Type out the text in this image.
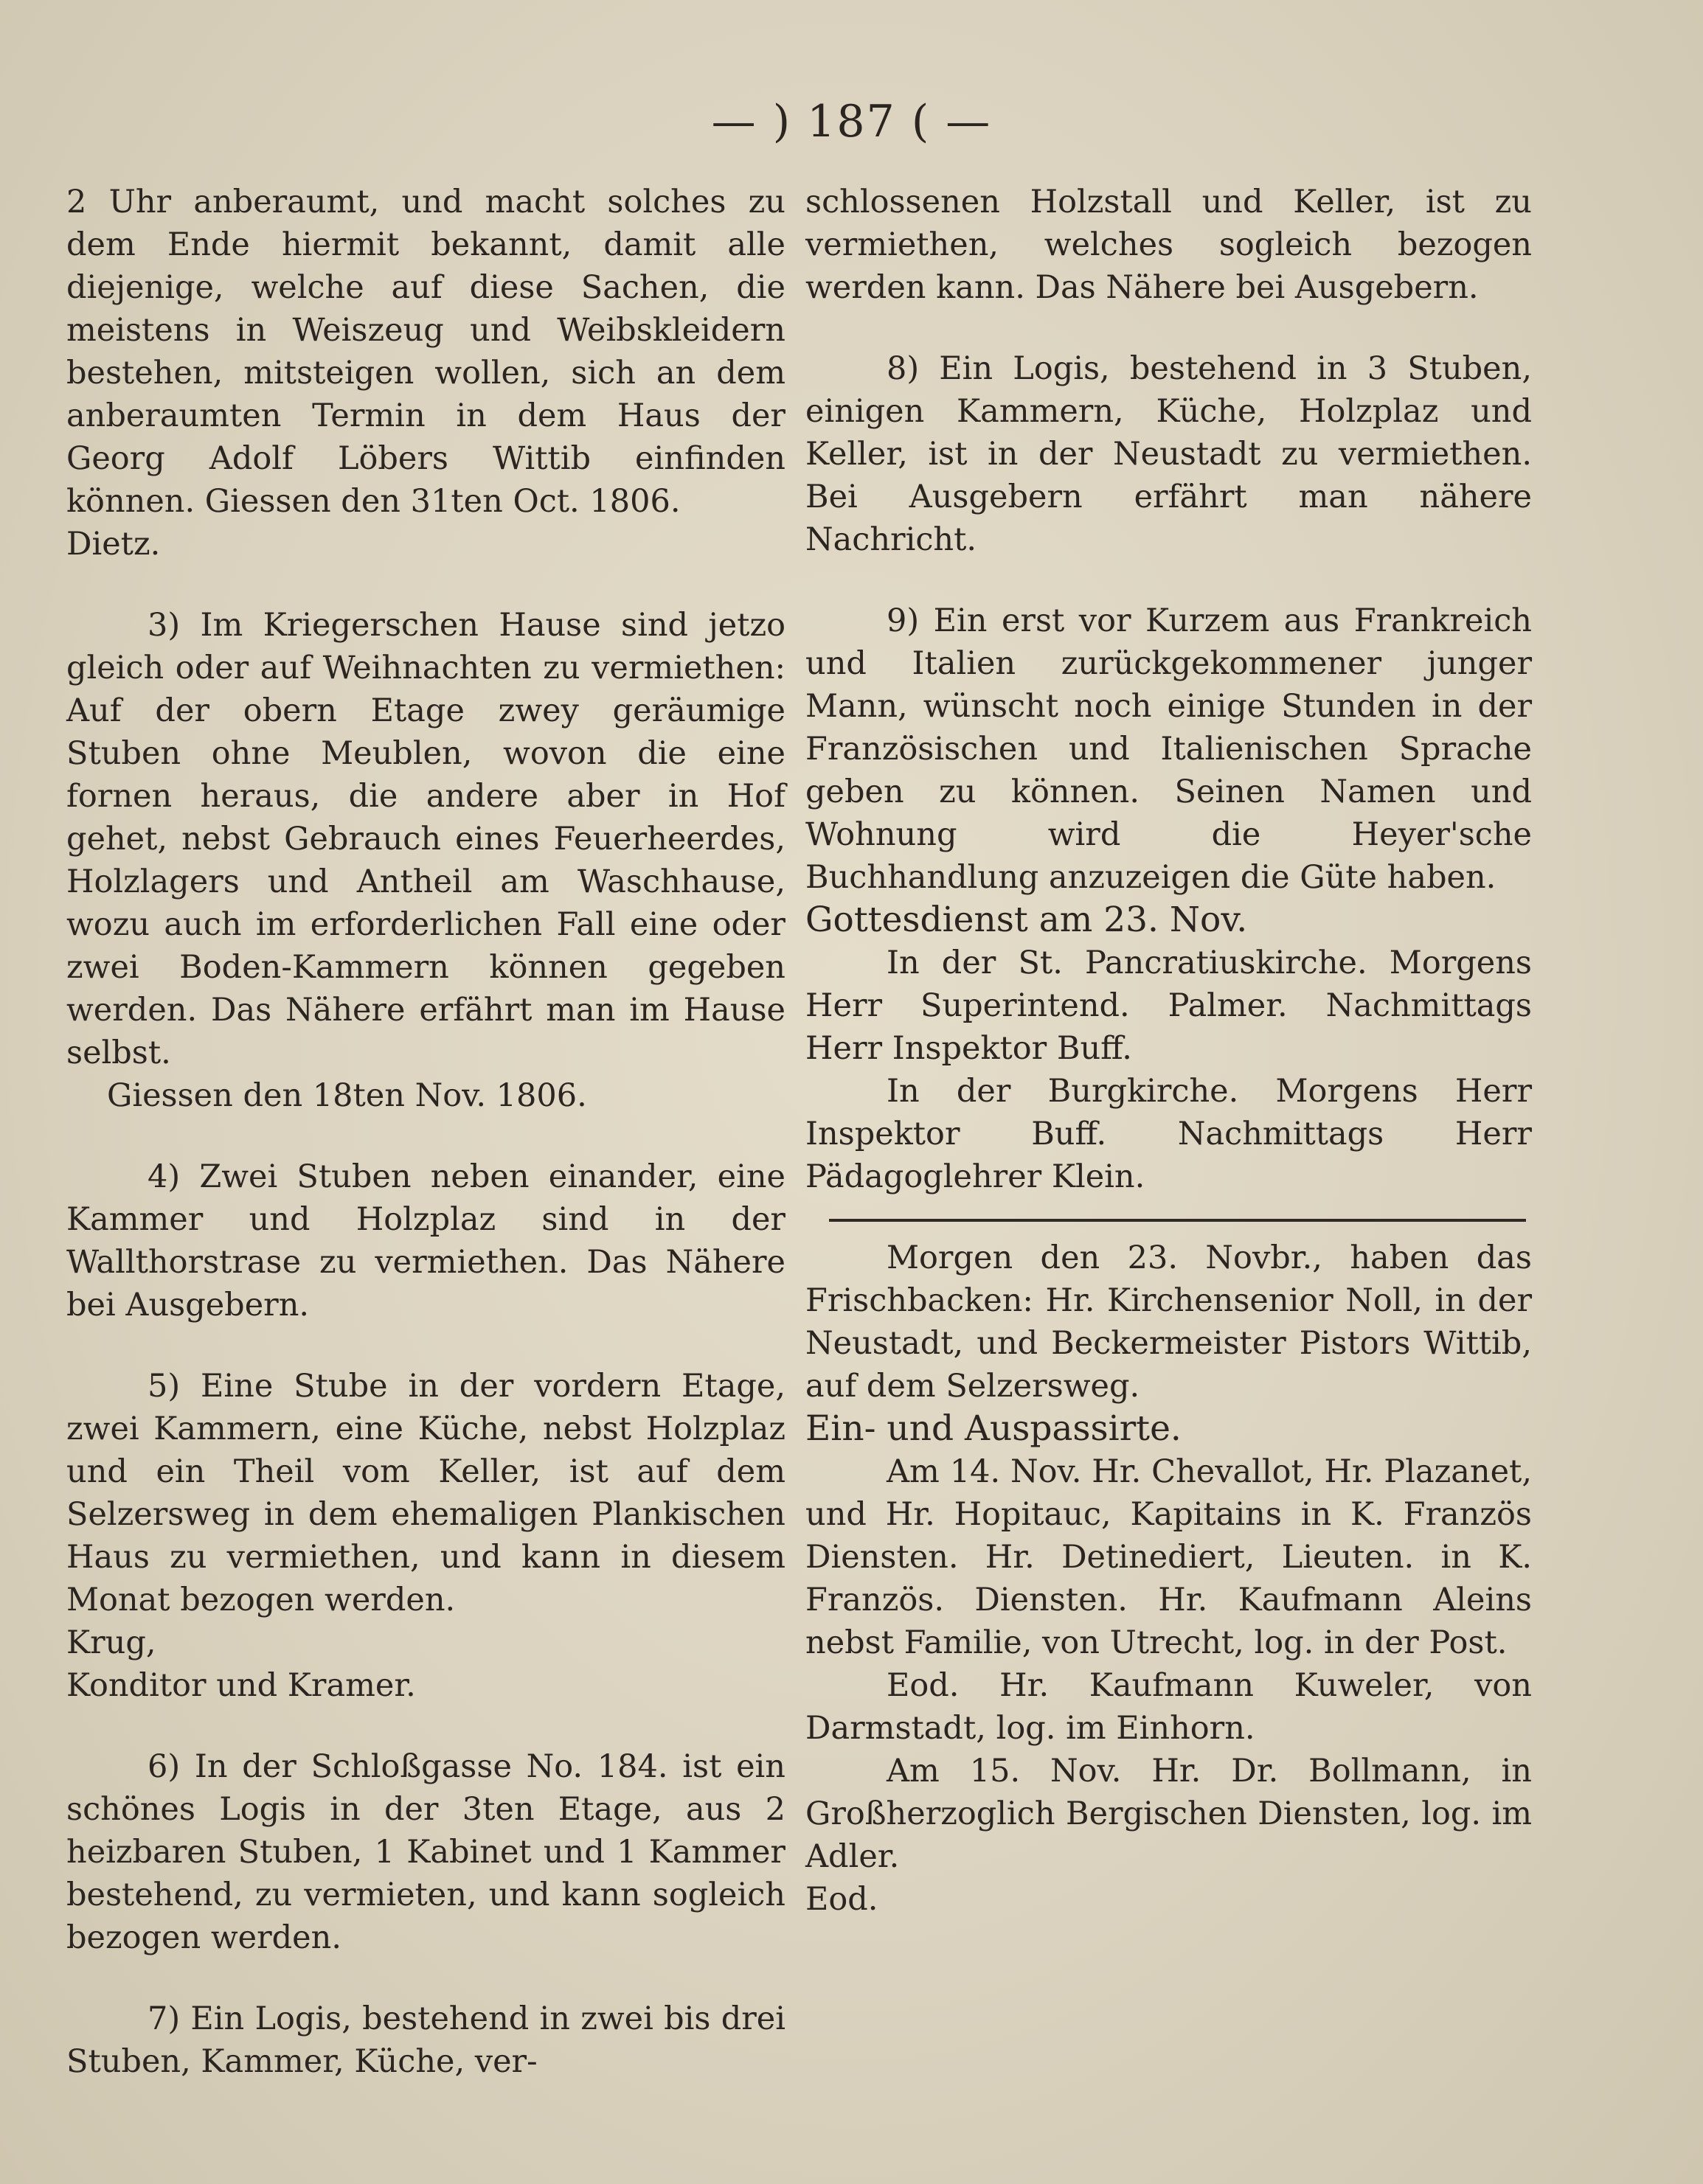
— ) 187 ( —

2 Uhr anberaumt, und macht solches zu dem Ende hiermit bekannt, damit alle diejenige, welche auf diese Sachen, die meistens in Weiszeug und Weibskleidern bestehen, mitsteigen wollen, sich an dem anberaumten Termin in dem Haus der Georg Adolf Löbers Wittib einfinden können. Giessen den 31ten Oct. 1806.

Dietz.

3) Im Kriegerschen Hause sind jetzo gleich oder auf Weihnachten zu vermiethen: Auf der obern Etage zwey geräumige Stuben ohne Meublen, wovon die eine fornen heraus, die andere aber in Hof gehet, nebst Gebrauch eines Feuerheerdes, Holzlagers und Antheil am Waschhause, wozu auch im erforderlichen Fall eine oder zwei Boden-Kammern können gegeben werden. Das Nähere erfährt man im Hause selbst.

Giessen den 18ten Nov. 1806.

4) Zwei Stuben neben einander, eine Kammer und Holzplaz sind in der Wallthorstrase zu vermiethen. Das Nähere bei Ausgebern.

5) Eine Stube in der vordern Etage, zwei Kammern, eine Küche, nebst Holzplaz und ein Theil vom Keller, ist auf dem Selzersweg in dem ehemaligen Plankischen Haus zu vermiethen, und kann in diesem Monat bezogen werden.

Krug,

Konditor und Kramer.

6) In der Schloßgasse No. 184. ist ein schönes Logis in der 3ten Etage, aus 2 heizbaren Stuben, 1 Kabinet und 1 Kammer bestehend, zu vermieten, und kann sogleich bezogen werden.

7) Ein Logis, bestehend in zwei bis drei Stuben, Kammer, Küche, ver-

schlossenen Holzstall und Keller, ist zu vermiethen, welches sogleich bezogen werden kann. Das Nähere bei Ausgebern.

8) Ein Logis, bestehend in 3 Stuben, einigen Kammern, Küche, Holzplaz und Keller, ist in der Neustadt zu vermiethen. Bei Ausgebern erfährt man nähere Nachricht.

9) Ein erst vor Kurzem aus Frankreich und Italien zurückgekommener junger Mann, wünscht noch einige Stunden in der Französischen und Italienischen Sprache geben zu können. Seinen Namen und Wohnung wird die Heyer'sche Buchhandlung anzuzeigen die Güte haben.

Gottesdienst am 23. Nov.

In der St. Pancratiuskirche. Morgens Herr Superintend. Palmer. Nachmittags Herr Inspektor Buff.

In der Burgkirche. Morgens Herr Inspektor Buff. Nachmittags Herr Pädagoglehrer Klein.

Morgen den 23. Novbr., haben das Frischbacken: Hr. Kirchensenior Noll, in der Neustadt, und Beckermeister Pistors Wittib, auf dem Selzersweg.

Ein- und Auspassirte.

Am 14. Nov. Hr. Chevallot, Hr. Plazanet, und Hr. Hopitauc, Kapitains in K. Französ Diensten. Hr. Detinediert, Lieuten. in K. Französ. Diensten. Hr. Kaufmann Aleins nebst Familie, von Utrecht, log. in der Post.

Eod. Hr. Kaufmann Kuweler, von Darmstadt, log. im Einhorn.

Am 15. Nov. Hr. Dr. Bollmann, in Großherzoglich Bergischen Diensten, log. im Adler.

Eod.
